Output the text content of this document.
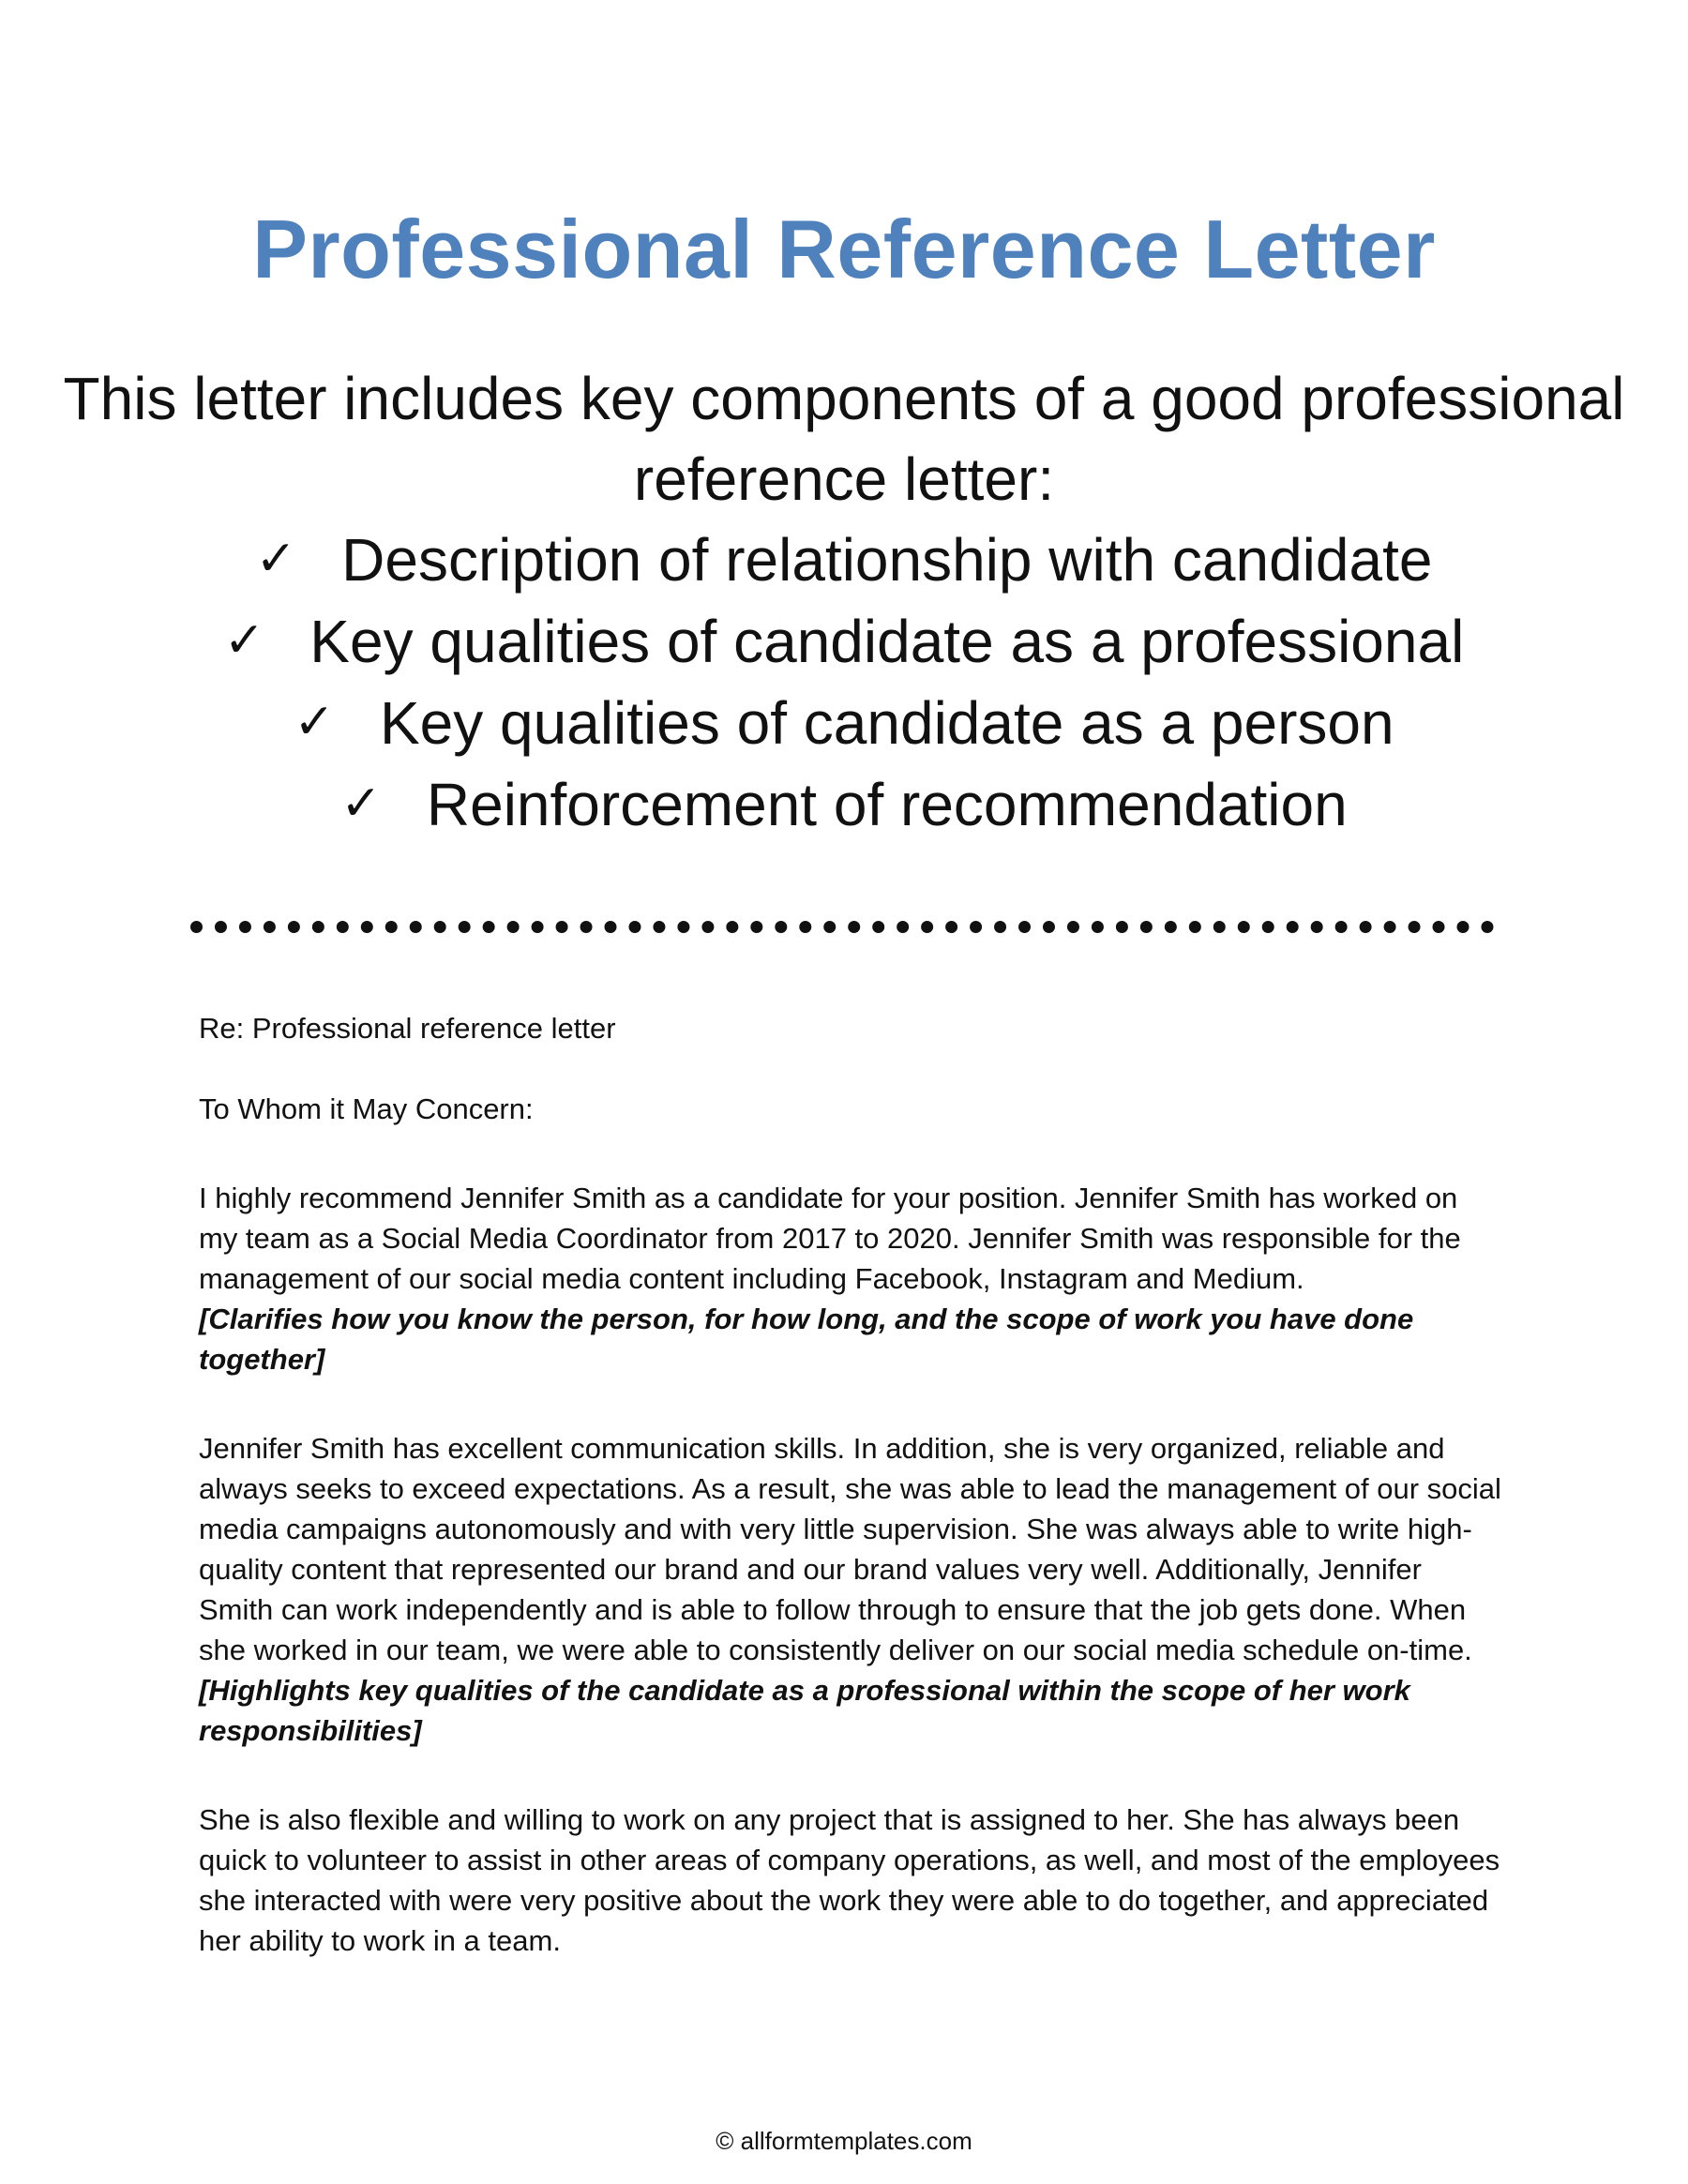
Professional Reference Letter
This letter includes key components of a good professional reference letter:
✓ Description of relationship with candidate
✓ Key qualities of candidate as a professional
✓ Key qualities of candidate as a person
✓ Reinforcement of recommendation

Re: Professional reference letter

To Whom it May Concern:

I highly recommend Jennifer Smith as a candidate for your position. Jennifer Smith has worked on my team as a Social Media Coordinator from 2017 to 2020. Jennifer Smith was responsible for the management of our social media content including Facebook, Instagram and Medium.
[Clarifies how you know the person, for how long, and the scope of work you have done together]

Jennifer Smith has excellent communication skills. In addition, she is very organized, reliable and always seeks to exceed expectations. As a result, she was able to lead the management of our social media campaigns autonomously and with very little supervision. She was always able to write high-quality content that represented our brand and our brand values very well. Additionally, Jennifer Smith can work independently and is able to follow through to ensure that the job gets done. When she worked in our team, we were able to consistently deliver on our social media schedule on-time.
[Highlights key qualities of the candidate as a professional within the scope of her work responsibilities]

She is also flexible and willing to work on any project that is assigned to her. She has always been quick to volunteer to assist in other areas of company operations, as well, and most of the employees she interacted with were very positive about the work they were able to do together, and appreciated her ability to work in a team.

© allformtemplates.com
